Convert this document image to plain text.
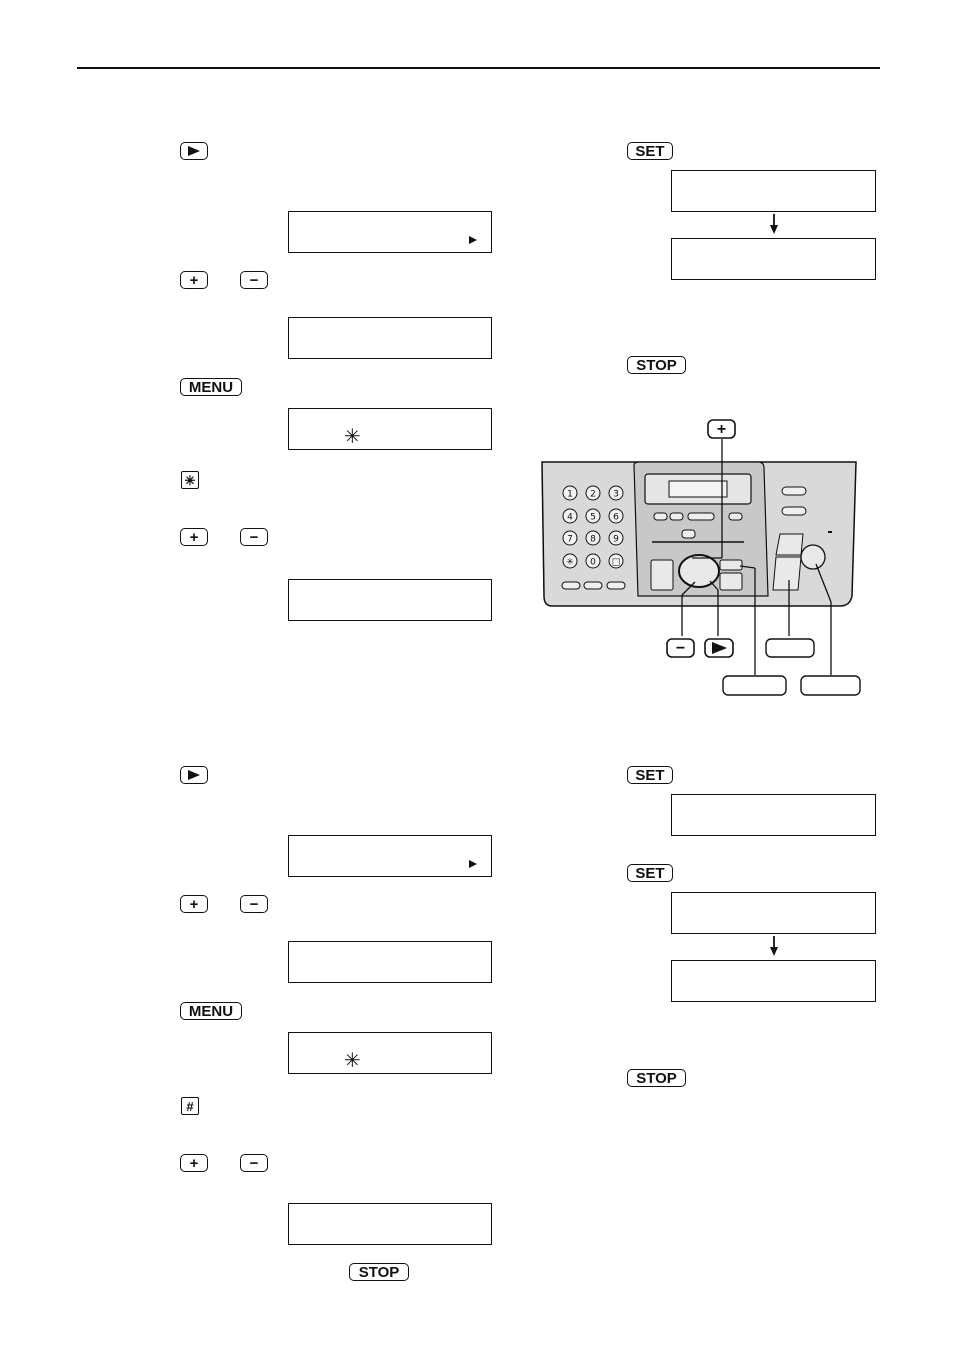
+	−
MENU
✳
✳
+	−
+	−
MENU
✳
#
+	−
STOP
SET
STOP
1 2 3
4 5 6
7 8 9
✳ 0 □
+
−
SET
SET
STOP
